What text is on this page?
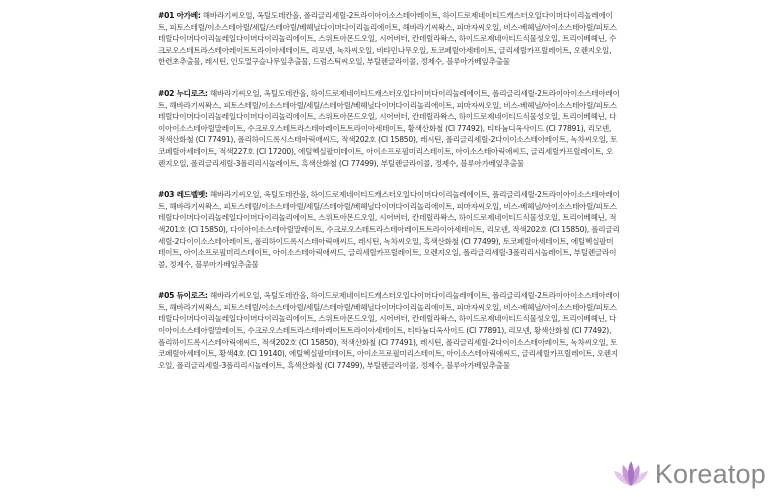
#01 아가베: 해바라기씨오일, 옥틸도데칸올, 폴리글리세릴-2트라이아이소스테아레이트, 하이드로제네이티드캐스터오일다이머다이리놀레에이트, 피토스테릴/이소스테아릴/세틸/스테아릴/베헤닐다이머다이리놀리에이트, 해바라기씨왁스, 피마자씨오일, 비스-베헤닐/아이소스테아릴/피토스테릴다이머다이리놀레일다이머다이리놀리에이트, 스위트아몬드오일, 시어버터, 칸데릴라왁스, 하이드로제네이티드식물성오일, 트리이베헤닌, 수크로오스테트라스테아레이트트라이아세테이트, 리모넨, 녹차씨오일, 비타민나무오일, 토코페릴아세테이트, 글리세릴카프릴레이트, 오렌지오일, 한련초추출물, 레시틴, 인도멀구슬나무잎추출물, 드럼스틱씨오일, 부틸렌글라이콜, 정제수, 블루아가베잎추출물

#02 누디로즈: 해바라기씨오일, 옥틸도데칸올, 하이드로제네이티드캐스터오일다이머다이리놀레에이트, 폴리글리세릴-2트라이아이소스테아레이트, 해바라기씨왁스, 피토스테릴/이소스테아릴/세틸/스테아릴/베헤닐다이머다이리놀리에이트, 피마자씨오일, 비스-베헤닐/아이소스테아릴/피토스테릴다이머다이리놀레일다이머다이리놀리에이트, 스위트아몬드오일, 시어버터, 칸데릴라왁스, 하이드로제네이티드식물성오일, 트리이베헤닌, 다이아이소스테아릴말레이트, 수크로오스테트라스테아레이트트라이아세테이트, 황색산화철 (CI 77492), 티타늄디옥사이드 (CI 77891), 리모넨, 적색산화철 (CI 77491), 폴리하이드록시스테아릭애씨드, 적색202호 (CI 15850), 레시틴, 폴리글리세릴-2다이이소스테아레이트, 녹차씨오일, 토코페릴아세테이트, 적색227호 (CI 17200), 에틸헥실팔미테이트, 아이소프로필미리스테이트, 아이소스테아릭애씨드, 글리세릴카프릴레이트, 오렌지오일, 폴리글리세릴-3폴리리시놀레이트, 흑색산화철 (CI 77499), 부틸렌글라이콜, 정제수, 블루아가베잎추출물

#03 레드벨벳: 해바라기씨오일, 옥틸도데칸올, 하이드로제네이티드캐스터오일다이머다이리놀레에이트, 폴리글리세릴-2트라이아이소스테아레이트, 해바라기씨왁스, 피토스테릴/이소스테아릴/세틸/스테아릴/베헤닐다이머다이리놀리에이트, 피마자씨오일, 비스-베헤닐/아이소스테아릴/피토스테릴다이머다이리놀레일다이머다이리놀리에이트, 스위트아몬드오일, 시어버터, 칸데릴라왁스, 하이드로제네이티드식물성오일, 트리이베헤닌, 적색201호 (CI 15850), 다이아이소스테아릴말레이트, 수크로오스테트라스테아레이트트라이아세테이트, 리모넨, 적색202호 (CI 15850), 폴리글리세릴-2다이이소스테아레이트, 폴리하이드록시스테아릭애씨드, 레시틴, 녹차씨오일, 흑색산화철 (CI 77499), 토코페릴아세테이트, 에틸헥실팔미테이트, 아이소프로필미리스테이트, 아이소스테아릭애씨드, 글리세릴카프릴레이트, 오렌지오일, 폴리글리세릴-3폴리리시놀레이트, 부틸렌글라이콜, 정제수, 블루아가베잎추출물

#05 듀이로즈: 해바라기씨오일, 옥틸도데칸올, 하이드로제네이티드캐스터오일다이머다이리놀레에이트, 폴리글리세릴-2트라이아이소스테아레이트, 해바라기씨왁스, 피토스테릴/이소스테아릴/세틸/스테아릴/베헤닐다이머다이리놀리에이트, 피마자씨오일, 비스-베헤닐/아이소스테아릴/피토스테릴다이머다이리놀레일다이머다이리놀리에이트, 스위트아몬드오일, 시어버터, 칸데릴라왁스, 하이드로제네이티드식물성오일, 트리이베헤닌, 다이아이소스테아릴말레이트, 수크로오스테트라스테아레이트트라이아세테이트, 티타늄디옥사이드 (CI 77891), 리모넨, 황색산화철 (CI 77492), 폴리하이드록시스테아릭애씨드, 적색202호 (CI 15850), 적색산화철 (CI 77491), 레시틴, 폴리글리세릴-2다이이소스테아레이트, 녹차씨오일, 토코페릴아세테이트, 황색4호 (CI 19140), 에틸헥실팔미테이트, 아이소프로필미리스테이트, 아이소스테아릭애씨드, 글리세릴카프릴레이트, 오렌지오일, 폴리글리세릴-3폴리리시놀레이트, 흑색산화철 (CI 77499), 부틸렌글라이콜, 정제수, 블루아가베잎추출물

Koreatop
